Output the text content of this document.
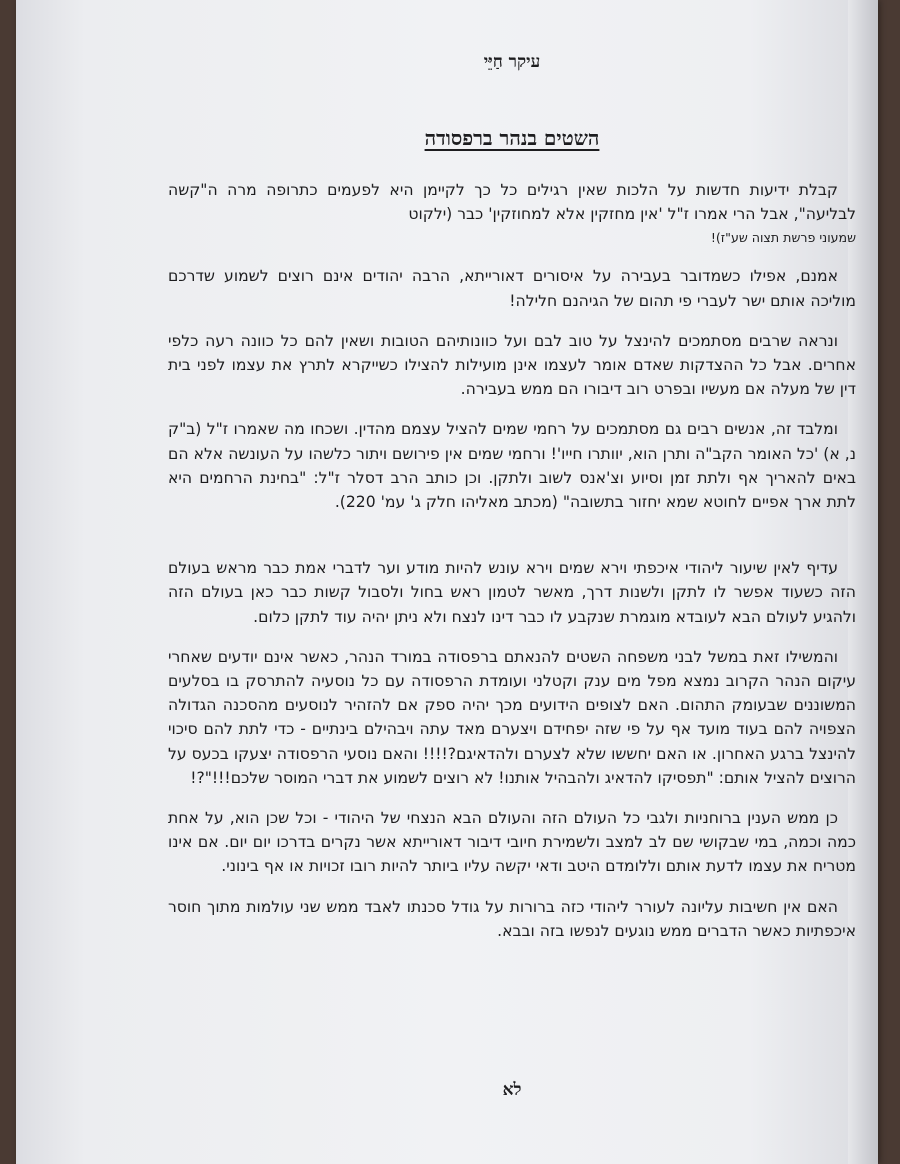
עיקר חַיֵּי
השטים בנהר ברפסודה

קבלת ידיעות חדשות על הלכות שאין רגילים כל כך לקיימן היא לפעמים כתרופה מרה ה"קשה לבליעה", אבל הרי אמרו ז"ל 'אין מחזקין אלא למחוזקין' כבר (ילקוט

שמעוני פרשת תצוה שע"ז)!

אמנם, אפילו כשמדובר בעבירה על איסורים דאורייתא, הרבה יהודים אינם רוצים לשמוע שדרכם מוליכה אותם ישר לעברי פי תהום של הגיהנם חלילה!

ונראה שרבים מסתמכים להינצל על טוב לבם ועל כוונותיהם הטובות ושאין להם כל כוונה רעה כלפי אחרים. אבל כל ההצדקות שאדם אומר לעצמו אינן מועילות להצילו כשייקרא לתרץ את עצמו לפני בית דין של מעלה אם מעשיו ובפרט רוב דיבורו הם ממש בעבירה.

ומלבד זה, אנשים רבים גם מסתמכים על רחמי שמים להציל עצמם מהדין. ושכחו מה שאמרו ז"ל (ב"ק נ, א) 'כל האומר הקב"ה ותרן הוא, יוותרו חייו'! ורחמי שמים אין פירושם ויתור כלשהו על העונשה אלא הם באים להאריך אף ולתת זמן וסיוע וצ'אנס לשוב ולתקן. וכן כותב הרב דסלר ז"ל: "בחינת הרחמים היא לתת ארך אפיים לחוטא שמא יחזור בתשובה" (מכתב מאליהו חלק ג' עמ' 220).

עדיף לאין שיעור ליהודי איכפתי וירא שמים וירא עונש להיות מודע וער לדברי אמת כבר מראש בעולם הזה כשעוד אפשר לו לתקן ולשנות דרך, מאשר לטמון ראש בחול ולסבול קשות כבר כאן בעולם הזה ולהגיע לעולם הבא לעובדא מוגמרת שנקבע לו כבר דינו לנצח ולא ניתן יהיה עוד לתקן כלום.

והמשילו זאת במשל לבני משפחה השטים להנאתם ברפסודה במורד הנהר, כאשר אינם יודעים שאחרי עיקום הנהר הקרוב נמצא מפל מים ענק וקטלני ועומדת הרפסודה עם כל נוסעיה להתרסק בו בסלעים המשוננים שבעומק התהום. האם לצופים הידועים מכך יהיה ספק אם להזהיר לנוסעים מהסכנה הגדולה הצפויה להם בעוד מועד אף על פי שזה יפחידם ויצערם מאד עתה ויבהילם בינתיים - כדי לתת להם סיכוי להינצל ברגע האחרון. או האם יחששו שלא לצערם ולהדאיגם?!!!! והאם נוסעי הרפסודה יצעקו בכעס על הרוצים להציל אותם: "תפסיקו להדאיג ולהבהיל אותנו! לא רוצים לשמוע את דברי המוסר שלכם!!!"?!

כן ממש הענין ברוחניות ולגבי כל העולם הזה והעולם הבא הנצחי של היהודי - וכל שכן הוא, על אחת כמה וכמה, במי שבקושי שם לב למצב ולשמירת חיובי דיבור דאורייתא אשר נקרים בדרכו יום יום. אם אינו מטריח את עצמו לדעת אותם וללומדם היטב ודאי יקשה עליו ביותר להיות רובו זכויות או אף בינוני.

האם אין חשיבות עליונה לעורר ליהודי כזה ברורות על גודל סכנתו לאבד ממש שני עולמות מתוך חוסר איכפתיות כאשר הדברים ממש נוגעים לנפשו בזה ובבא.

לא
